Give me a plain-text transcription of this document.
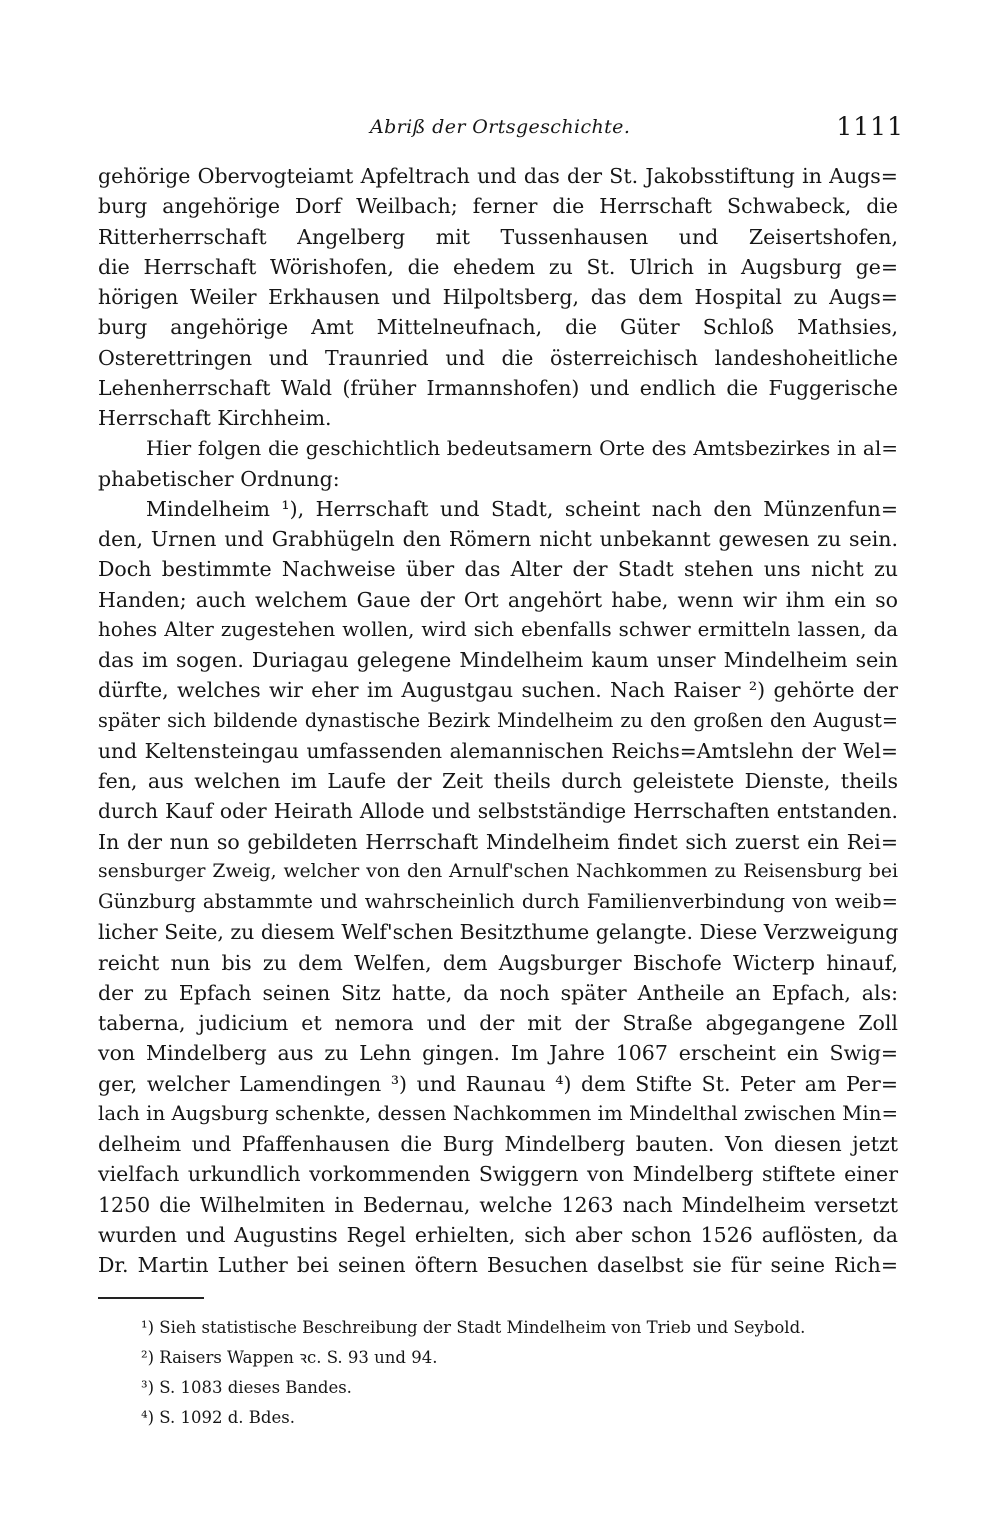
Abriß der Ortsgeschichte.	1111
gehörige Obervogteiamt Apfeltrach und das der St. Jakobsstiftung in Augs=
burg angehörige Dorf Weilbach; ferner die Herrschaft Schwabeck, die
Ritterherrschaft Angelberg mit Tussenhausen und Zeisertshofen,
die Herrschaft Wörishofen, die ehedem zu St. Ulrich in Augsburg ge=
hörigen Weiler Erkhausen und Hilpoltsberg, das dem Hospital zu Augs=
burg angehörige Amt Mittelneufnach, die Güter Schloß Mathsies,
Osterettringen und Traunried und die österreichisch landeshoheitliche
Lehenherrschaft Wald (früher Irmannshofen) und endlich die Fuggerische
Herrschaft Kirchheim.
Hier folgen die geschichtlich bedeutsamern Orte des Amtsbezirkes in al=
phabetischer Ordnung:
Mindelheim ¹), Herrschaft und Stadt, scheint nach den Münzenfun=
den, Urnen und Grabhügeln den Römern nicht unbekannt gewesen zu sein.
Doch bestimmte Nachweise über das Alter der Stadt stehen uns nicht zu
Handen; auch welchem Gaue der Ort angehört habe, wenn wir ihm ein so
hohes Alter zugestehen wollen, wird sich ebenfalls schwer ermitteln lassen, da
das im sogen. Duriagau gelegene Mindelheim kaum unser Mindelheim sein
dürfte, welches wir eher im Augustgau suchen. Nach Raiser ²) gehörte der
später sich bildende dynastische Bezirk Mindelheim zu den großen den August=
und Keltensteingau umfassenden alemannischen Reichs=Amtslehn der Wel=
fen, aus welchen im Laufe der Zeit theils durch geleistete Dienste, theils
durch Kauf oder Heirath Allode und selbstständige Herrschaften entstanden.
In der nun so gebildeten Herrschaft Mindelheim findet sich zuerst ein Rei=
sensburger Zweig, welcher von den Arnulf'schen Nachkommen zu Reisensburg bei
Günzburg abstammte und wahrscheinlich durch Familienverbindung von weib=
licher Seite, zu diesem Welf'schen Besitzthume gelangte. Diese Verzweigung
reicht nun bis zu dem Welfen, dem Augsburger Bischofe Wicterp hinauf,
der zu Epfach seinen Sitz hatte, da noch später Antheile an Epfach, als:
taberna, judicium et nemora und der mit der Straße abgegangene Zoll
von Mindelberg aus zu Lehn gingen. Im Jahre 1067 erscheint ein Swig=
ger, welcher Lamendingen ³) und Raunau ⁴) dem Stifte St. Peter am Per=
lach in Augsburg schenkte, dessen Nachkommen im Mindelthal zwischen Min=
delheim und Pfaffenhausen die Burg Mindelberg bauten. Von diesen jetzt
vielfach urkundlich vorkommenden Swiggern von Mindelberg stiftete einer
1250 die Wilhelmiten in Bedernau, welche 1263 nach Mindelheim versetzt
wurden und Augustins Regel erhielten, sich aber schon 1526 auflösten, da
Dr. Martin Luther bei seinen öftern Besuchen daselbst sie für seine Rich=
¹) Sieh statistische Beschreibung der Stadt Mindelheim von Trieb und Seybold.
²) Raisers Wappen ꝛc. S. 93 und 94.
³) S. 1083 dieses Bandes.
⁴) S. 1092 d. Bdes.
